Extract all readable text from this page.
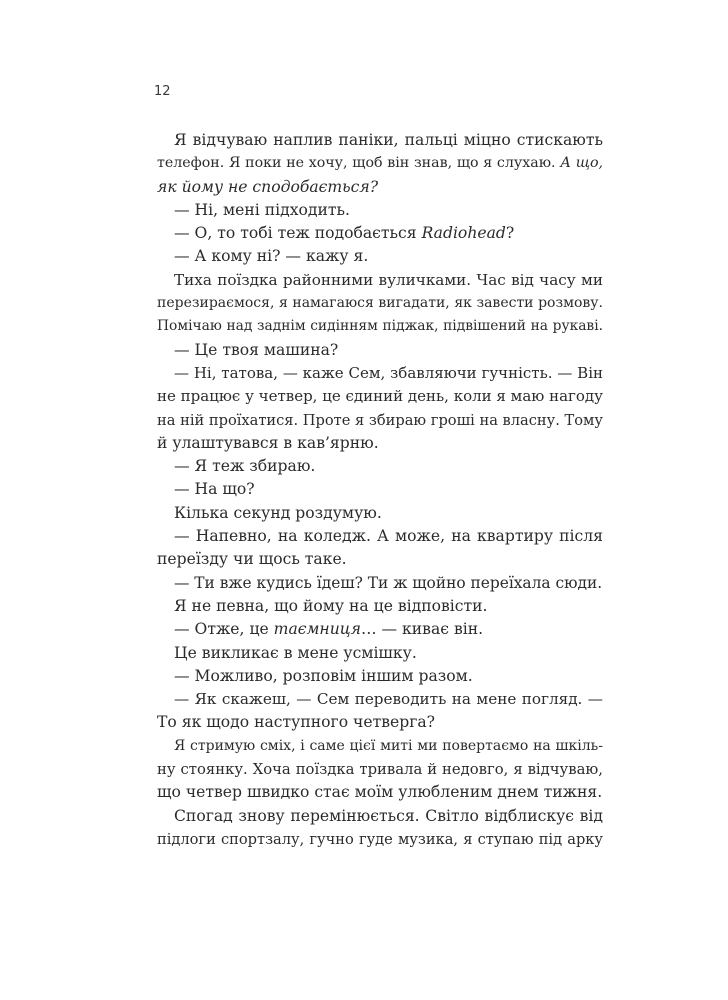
12
Я відчуваю наплив паніки, пальці міцно стискають
телефон. Я поки не хочу, щоб він знав, що я слухаю. А що,
як йому не сподобається?
— Ні, мені підходить.
— О, то тобі теж подобається Radiohead?
— А кому ні? — кажу я.
Тиха поїздка районними вуличками. Час від часу ми
перезираємося, я намагаюся вигадати, як завести розмову.
Помічаю над заднім сидінням піджак, підвішений на рукаві.
— Це твоя машина?
— Ні, татова, — каже Сем, збавляючи гучність. — Він
не працює у четвер, це єдиний день, коли я маю нагоду
на ній проїхатися. Проте я збираю гроші на власну. Тому
й улаштувався в кав’ярню.
— Я теж збираю.
— На що?
Кілька секунд роздумую.
— Напевно, на коледж. А може, на квартиру після
переїзду чи щось таке.
— Ти вже кудись їдеш? Ти ж щойно переїхала сюди.
Я не певна, що йому на це відповісти.
— Отже, це таємниця… — киває він.
Це викликає в мене усмішку.
— Можливо, розповім іншим разом.
— Як скажеш, — Сем переводить на мене погляд. —
То як щодо наступного четверга?
Я стримую сміх, і саме цієї миті ми повертаємо на шкіль-
ну стоянку. Хоча поїздка тривала й недовго, я відчуваю,
що четвер швидко стає моїм улюбленим днем тижня.
Спогад знову перемінюється. Світло відблискує від
підлоги спортзалу, гучно гуде музика, я ступаю під арку
